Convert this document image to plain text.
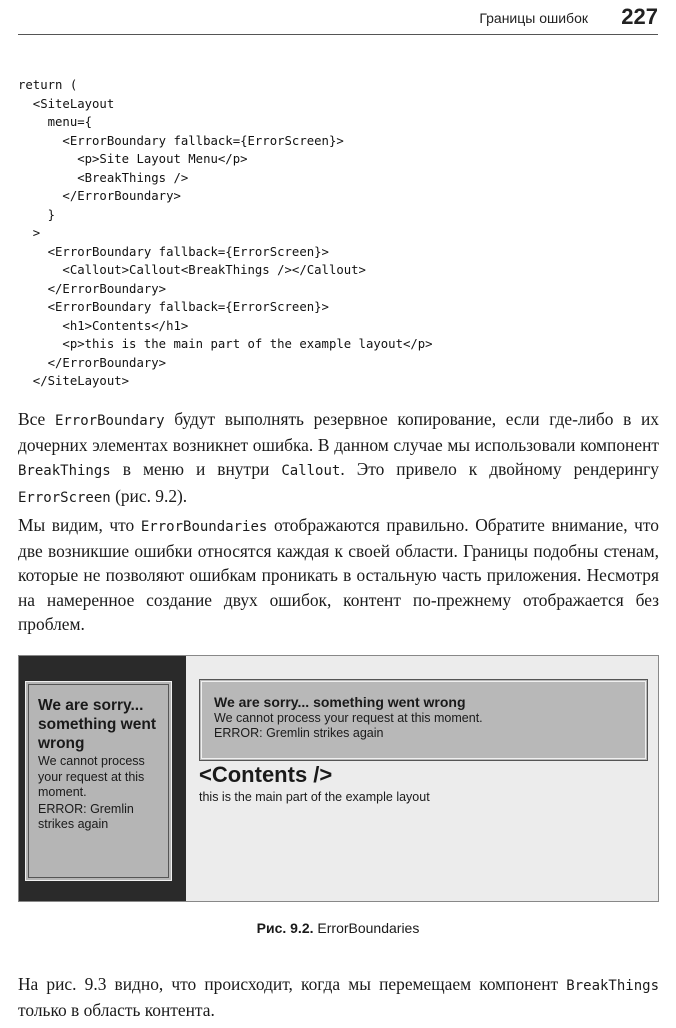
Границы ошибок 227
return (
<SiteLayout
menu={
<ErrorBoundary fallback={ErrorScreen}>
<p>Site Layout Menu</p>
<BreakThings />
</ErrorBoundary>
}
>
<ErrorBoundary fallback={ErrorScreen}>
<Callout>Callout<BreakThings /></Callout>
</ErrorBoundary>
<ErrorBoundary fallback={ErrorScreen}>
<h1>Contents</h1>
<p>this is the main part of the example layout</p>
</ErrorBoundary>
</SiteLayout>

Все ErrorBoundary будут выполнять резервное копирование, если где-либо в их дочерних элементах возникнет ошибка. В данном случае мы использовали компонент BreakThings в меню и внутри Callout. Это привело к двойному рендерингу ErrorScreen (рис. 9.2).

Мы видим, что ErrorBoundaries отображаются правильно. Обратите внимание, что две возникшие ошибки относятся каждая к своей области. Границы подобны стенам, которые не позволяют ошибкам проникать в остальную часть приложения. Несмотря на намеренное создание двух ошибок, контент по-прежнему отображается без проблем.

We are sorry... something went wrong
We cannot process your request at this moment.
ERROR: Gremlin strikes again
We are sorry... something went wrong
We cannot process your request at this moment.
ERROR: Gremlin strikes again
<Contents />

this is the main part of the example layout

Рис. 9.2. ErrorBoundaries

На рис. 9.3 видно, что происходит, когда мы перемещаем компонент BreakThings только в область контента.
